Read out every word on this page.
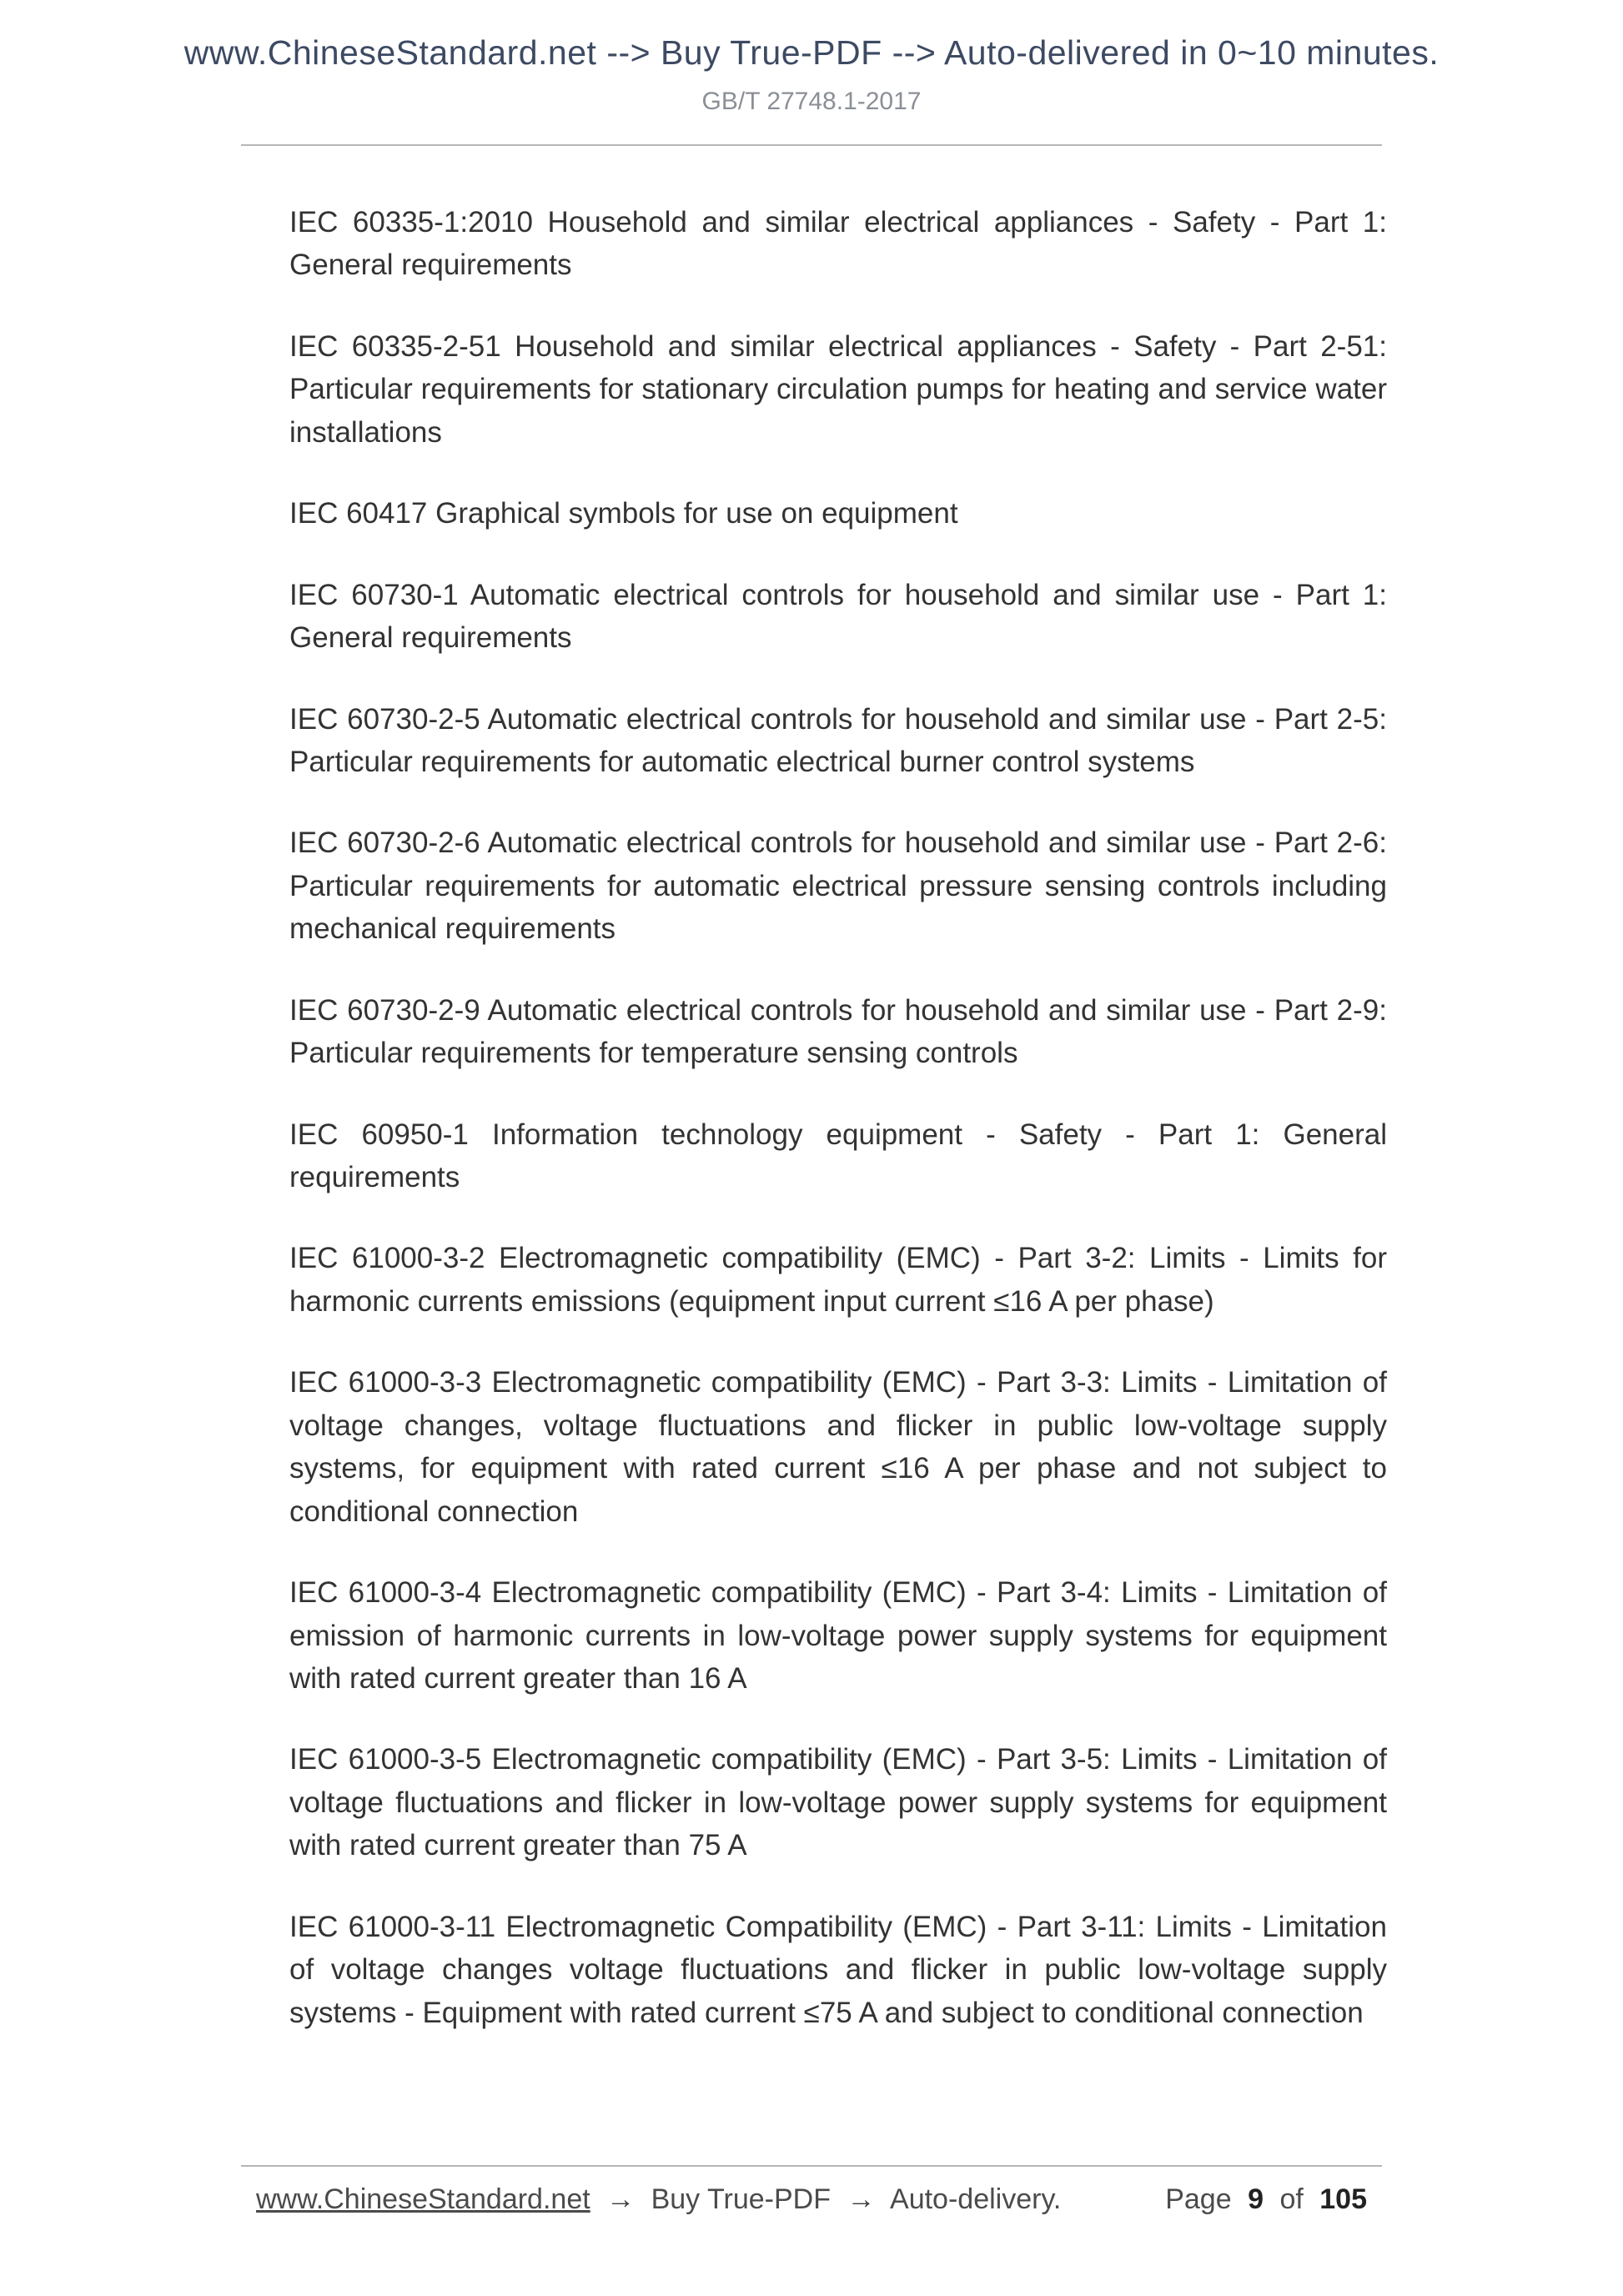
www.ChineseStandard.net --> Buy True-PDF --> Auto-delivered in 0~10 minutes.
GB/T 27748.1-2017

IEC 60335-1:2010 Household and similar electrical appliances - Safety - Part 1: General requirements

IEC 60335-2-51 Household and similar electrical appliances - Safety - Part 2-51: Particular requirements for stationary circulation pumps for heating and service water installations

IEC 60417 Graphical symbols for use on equipment

IEC 60730-1 Automatic electrical controls for household and similar use - Part 1: General requirements

IEC 60730-2-5 Automatic electrical controls for household and similar use - Part 2-5: Particular requirements for automatic electrical burner control systems

IEC 60730-2-6 Automatic electrical controls for household and similar use - Part 2-6: Particular requirements for automatic electrical pressure sensing controls including mechanical requirements

IEC 60730-2-9 Automatic electrical controls for household and similar use - Part 2-9: Particular requirements for temperature sensing controls

IEC 60950-1 Information technology equipment - Safety - Part 1: General requirements

IEC 61000-3-2 Electromagnetic compatibility (EMC) - Part 3-2: Limits - Limits for harmonic currents emissions (equipment input current ≤16 A per phase)

IEC 61000-3-3 Electromagnetic compatibility (EMC) - Part 3-3: Limits - Limitation of voltage changes, voltage fluctuations and flicker in public low-voltage supply systems, for equipment with rated current ≤16 A per phase and not subject to conditional connection

IEC 61000-3-4 Electromagnetic compatibility (EMC) - Part 3-4: Limits - Limitation of emission of harmonic currents in low-voltage power supply systems for equipment with rated current greater than 16 A

IEC 61000-3-5 Electromagnetic compatibility (EMC) - Part 3-5: Limits - Limitation of voltage fluctuations and flicker in low-voltage power supply systems for equipment with rated current greater than 75 A

IEC 61000-3-11 Electromagnetic Compatibility (EMC) - Part 3-11: Limits - Limitation of voltage changes voltage fluctuations and flicker in public low-voltage supply systems - Equipment with rated current ≤75 A and subject to conditional connection

www.ChineseStandard.net → Buy True-PDF → Auto-delivery.	Page 9 of 105
